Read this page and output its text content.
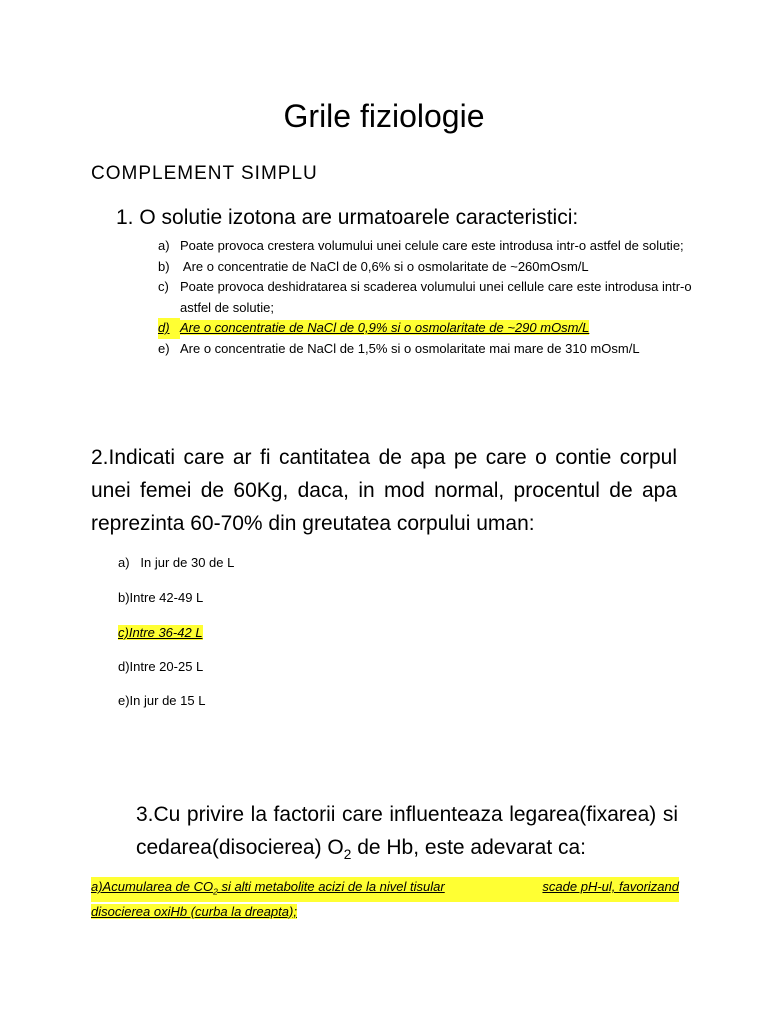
Grile fiziologie
COMPLEMENT SIMPLU
1. O solutie izotona are urmatoarele caracteristici:
a) Poate provoca crestera volumului unei celule care este introdusa intr-o astfel de solutie;
b) Are o concentratie de NaCl de 0,6% si o osmolaritate de ~260mOsm/L
c) Poate provoca deshidratarea si scaderea volumului unei cellule care este introdusa intr-o astfel de solutie;
d) Are o concentratie de NaCl de 0,9% si o osmolaritate de ~290 mOsm/L
e) Are o concentratie de NaCl de 1,5% si o osmolaritate mai mare de 310 mOsm/L
2.Indicati care ar fi cantitatea de apa pe care o contie corpul unei femei de 60Kg, daca, in mod normal, procentul de apa reprezinta 60-70% din greutatea corpului uman:
a)   In jur de 30 de L
b)Intre 42-49 L
c)Intre 36-42 L
d)Intre 20-25 L
e)In jur de 15 L
3.Cu privire la factorii care influenteaza legarea(fixarea) si cedarea(disocierea) $O_2$ de Hb, este adevarat ca:
a)Acumularea de $CO_2$ si alti metabolite acizi de la nivel tisular	scade pH-ul, favorizand
disocierea oxiHb (curba la dreapta);
